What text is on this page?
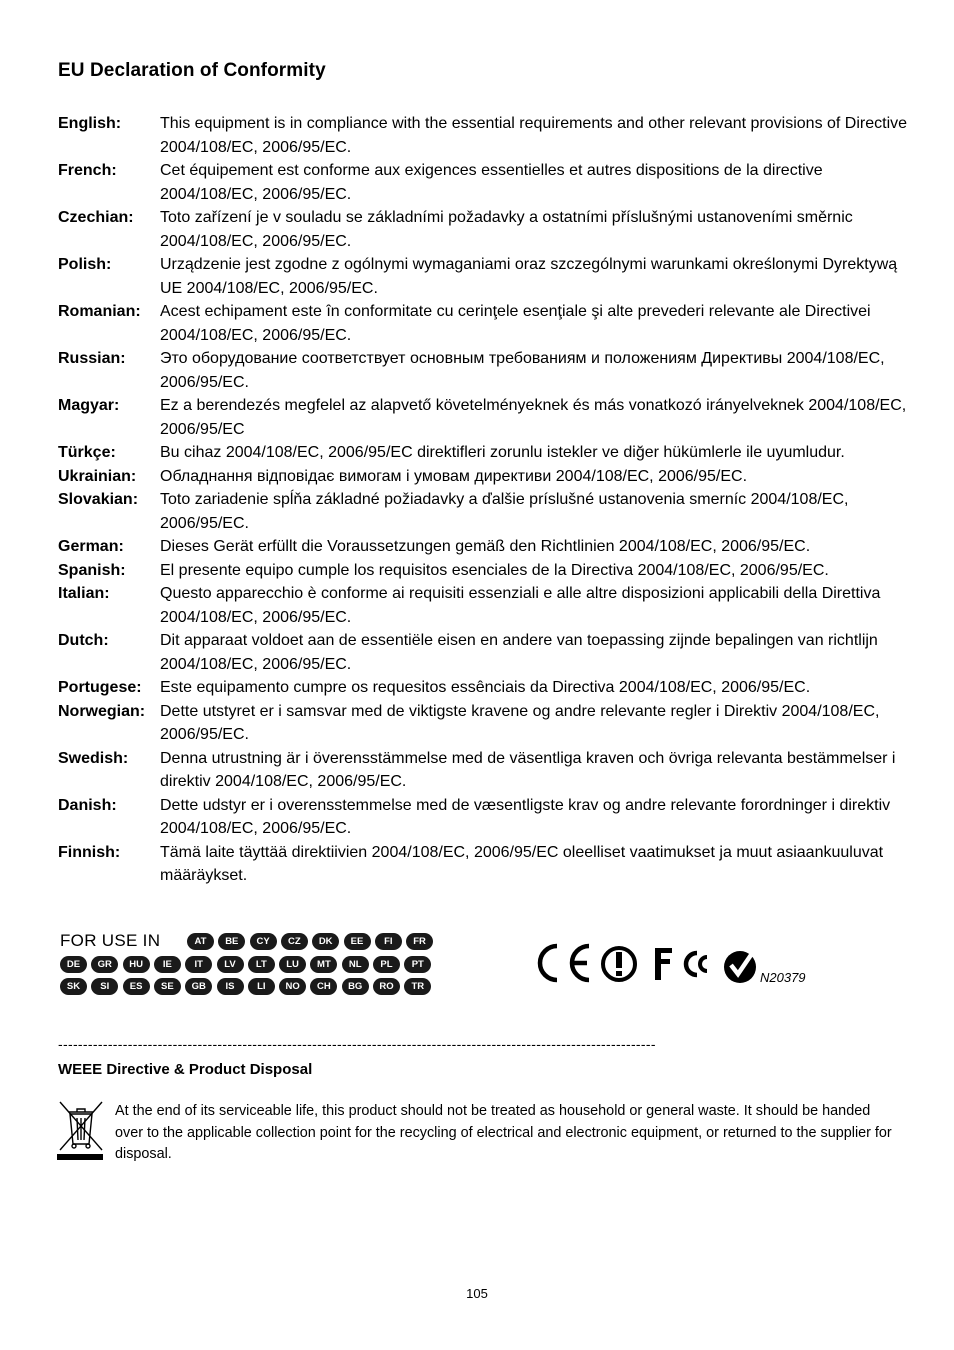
EU Declaration of Conformity
English:	This equipment is in compliance with the essential requirements and other relevant provisions of Directive 2004/108/EC, 2006/95/EC.
French:	Cet équipement est conforme aux exigences essentielles et autres dispositions de la directive 2004/108/EC, 2006/95/EC.
Czechian:	Toto zařízení je v souladu se základními požadavky a ostatními příslušnými ustanoveními směrnic 2004/108/EC, 2006/95/EC.
Polish:	Urządzenie jest zgodne z ogólnymi wymaganiami oraz szczególnymi warunkami określonymi Dyrektywą UE 2004/108/EC, 2006/95/EC.
Romanian:	Acest echipament este în conformitate cu cerinţele esenţiale şi alte prevederi relevante ale Directivei 2004/108/EC, 2006/95/EC.
Russian:	Это оборудование соответствует основным требованиям и положениям Директивы 2004/108/EC, 2006/95/EC.
Magyar:	Ez a berendezés megfelel az alapvető követelményeknek és más vonatkozó irányelveknek 2004/108/EC, 2006/95/EC
Türkçe:	Bu cihaz 2004/108/EC, 2006/95/EC direktifleri zorunlu istekler ve diğer hükümlerle ile uyumludur.
Ukrainian:	Обладнання відповідає вимогам і умовам директиви 2004/108/EC, 2006/95/EC.
Slovakian:	Toto zariadenie spĺňa základné požiadavky a ďalšie príslušné ustanovenia smerníc 2004/108/EC, 2006/95/EC.
German:	Dieses Gerät erfüllt die Voraussetzungen gemäß den Richtlinien 2004/108/EC, 2006/95/EC.
Spanish:	El presente equipo cumple los requisitos esenciales de la Directiva 2004/108/EC, 2006/95/EC.
Italian:	Questo apparecchio è conforme ai requisiti essenziali e alle altre disposizioni applicabili della Direttiva 2004/108/EC, 2006/95/EC.
Dutch:	Dit apparaat voldoet aan de essentiële eisen en andere van toepassing zijnde bepalingen van richtlijn 2004/108/EC, 2006/95/EC.
Portugese:	Este equipamento cumpre os requesitos essênciais da Directiva 2004/108/EC, 2006/95/EC.
Norwegian: Dette utstyret er i samsvar med de viktigste kravene og andre relevante regler i Direktiv 2004/108/EC, 2006/95/EC.
Swedish:	Denna utrustning är i överensstämmelse med de väsentliga kraven och övriga relevanta bestämmelser i direktiv 2004/108/EC, 2006/95/EC.
Danish:	Dette udstyr er i overensstemmelse med de væsentligste krav og andre relevante forordninger i direktiv 2004/108/EC, 2006/95/EC.
Finnish:	Tämä laite täyttää direktiivien 2004/108/EC, 2006/95/EC oleelliset vaatimukset ja muut asiaankuuluvat määräykset.
FOR USE IN	AT	BE	CY	CZ	DK	EE	FI	FR
DE	GR	HU	IE	IT	LV	LT	LU	MT	NL	PL	PT
SK	SI	ES	SE	GB	IS	LI	NO	CH	BG	RO	TR
N20379
------------------------------------------------------------------------------------------------------------------------
WEEE Directive & Product Disposal
At the end of its serviceable life, this product should not be treated as household or general waste. It should be handed over to the applicable collection point for the recycling of electrical and electronic equipment, or returned to the supplier for disposal.
105
